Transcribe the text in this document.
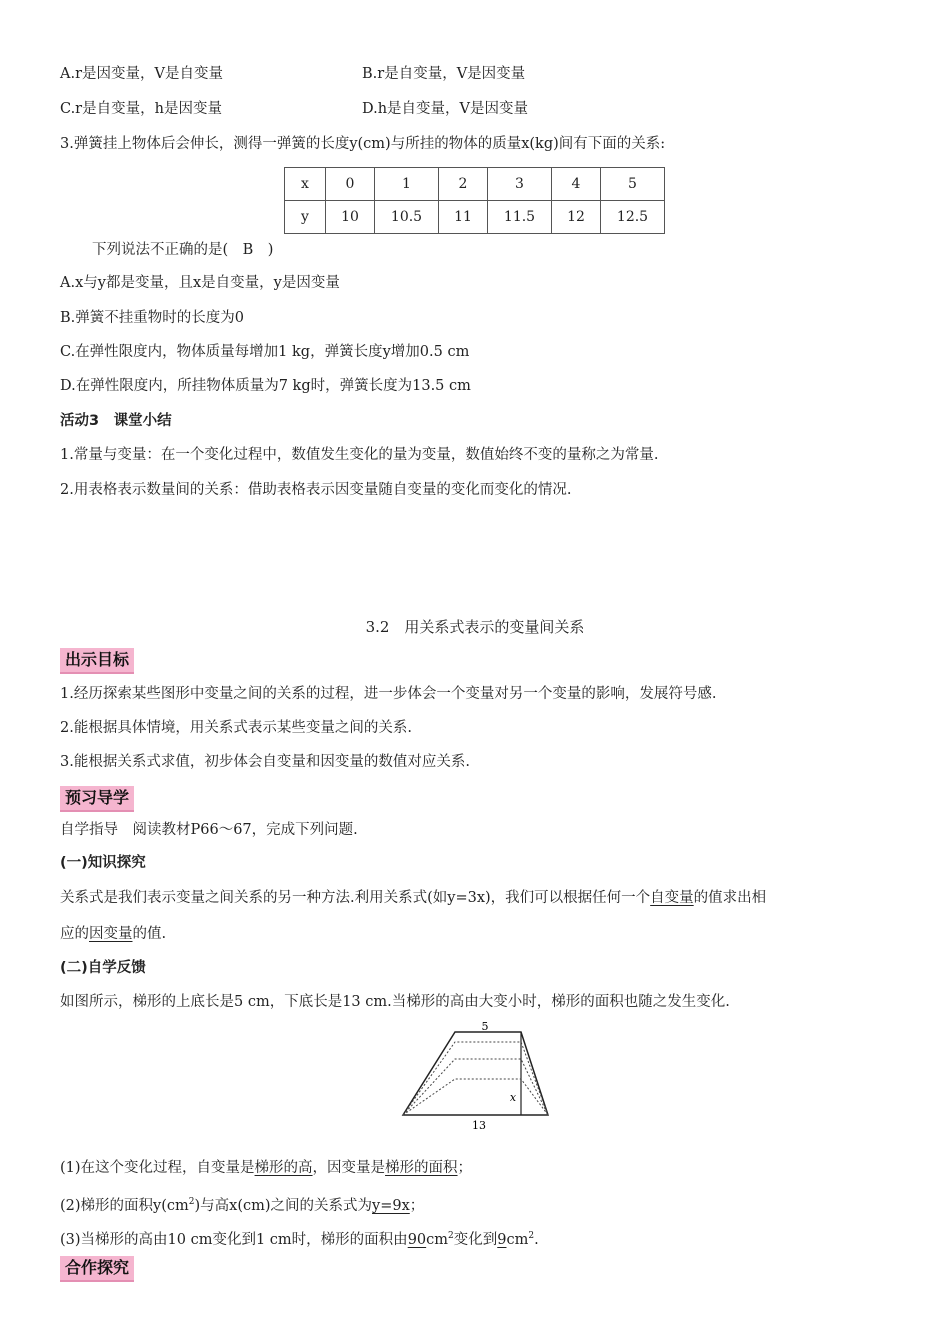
A.r是因变量，V是自变量	B.r是自变量，V是因变量
C.r是自变量，h是因变量	D.h是自变量，V是因变量
3.弹簧挂上物体后会伸长，测得一弹簧的长度y(cm)与所挂的物体的质量x(kg)间有下面的关系:
x	0	1	2	3	4	5
y	10	10.5	11	11.5	12	12.5
下列说法不正确的是(　B　)
A.x与y都是变量，且x是自变量，y是因变量
B.弹簧不挂重物时的长度为0
C.在弹性限度内，物体质量每增加1 kg，弹簧长度y增加0.5 cm
D.在弹性限度内，所挂物体质量为7 kg时，弹簧长度为13.5 cm
活动3　课堂小结
1.常量与变量：在一个变化过程中，数值发生变化的量为变量，数值始终不变的量称之为常量.
2.用表格表示数量间的关系：借助表格表示因变量随自变量的变化而变化的情况.
3.2　用关系式表示的变量间关系
出示目标
1.经历探索某些图形中变量之间的关系的过程，进一步体会一个变量对另一个变量的影响，发展符号感.
2.能根据具体情境，用关系式表示某些变量之间的关系.
3.能根据关系式求值，初步体会自变量和因变量的数值对应关系.
预习导学
自学指导　阅读教材P66～67，完成下列问题.
(一)知识探究
关系式是我们表示变量之间关系的另一种方法.利用关系式(如y=3x)，我们可以根据任何一个自变量的值求出相
应的因变量的值.
(二)自学反馈
如图所示，梯形的上底长是5 cm，下底长是13 cm.当梯形的高由大变小时，梯形的面积也随之发生变化.
5
x
13
(1)在这个变化过程，自变量是梯形的高，因变量是梯形的面积；
(2)梯形的面积$y(cm^2)$与高x(cm)之间的关系式为y=9x；
(3)当梯形的高由10 cm变化到1 cm时，梯形的面积由$90cm^2$变化到$9cm^2$.
合作探究
